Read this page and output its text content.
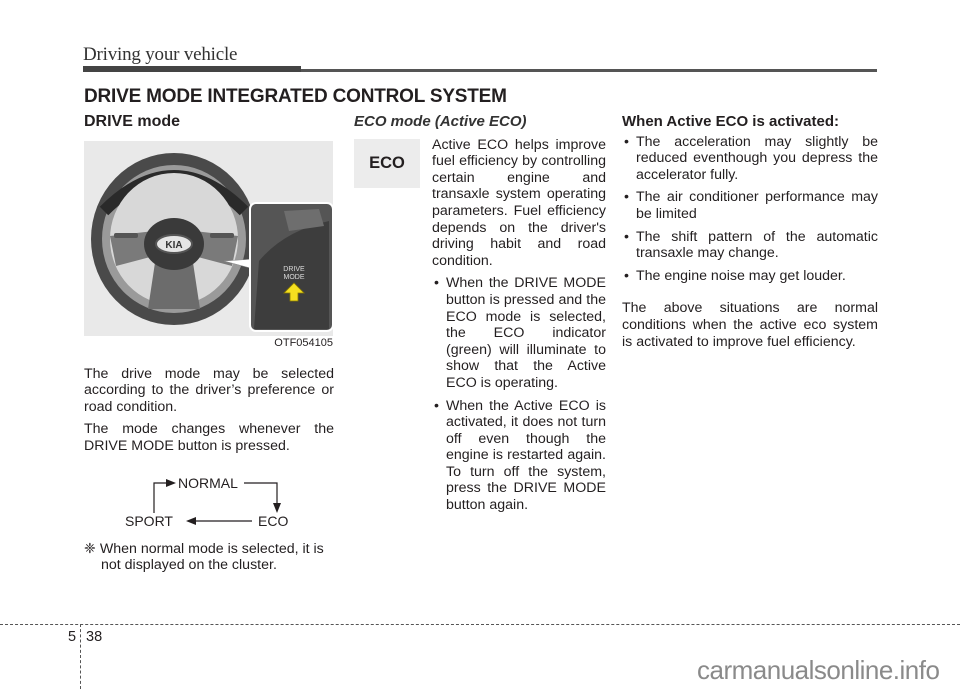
Driving your vehicle
DRIVE MODE INTEGRATED CONTROL SYSTEM
DRIVE mode
KIA
DRIVE
MODE
OTF054105

The drive mode may be selected according to the driver’s preference or road condition.

The mode changes whenever the DRIVE MODE button is pressed.

NORMAL
SPORT	ECO

❈ When normal mode is selected, it is not displayed on the cluster.

ECO mode (Active ECO)
ECO

Active ECO helps improve fuel efficiency by controlling certain engine and transaxle system operating parameters. Fuel efficiency depends on the driver's driving habit and road condition.

• When the DRIVE MODE button is pressed and the ECO mode is selected, the ECO indicator (green) will illuminate to show that the Active ECO is operating.
• When the Active ECO is activated, it does not turn off even though the engine is restarted again. To turn off the system, press the DRIVE MODE button again.
When Active ECO is activated:
• The acceleration may slightly be reduced eventhough you depress the accelerator fully.
• The air conditioner performance may be limited
• The shift pattern of the automatic transaxle may change.
• The engine noise may get louder.

The above situations are normal conditions when the active eco system is activated to improve fuel efficiency.

5 38
carmanualsonline.info
